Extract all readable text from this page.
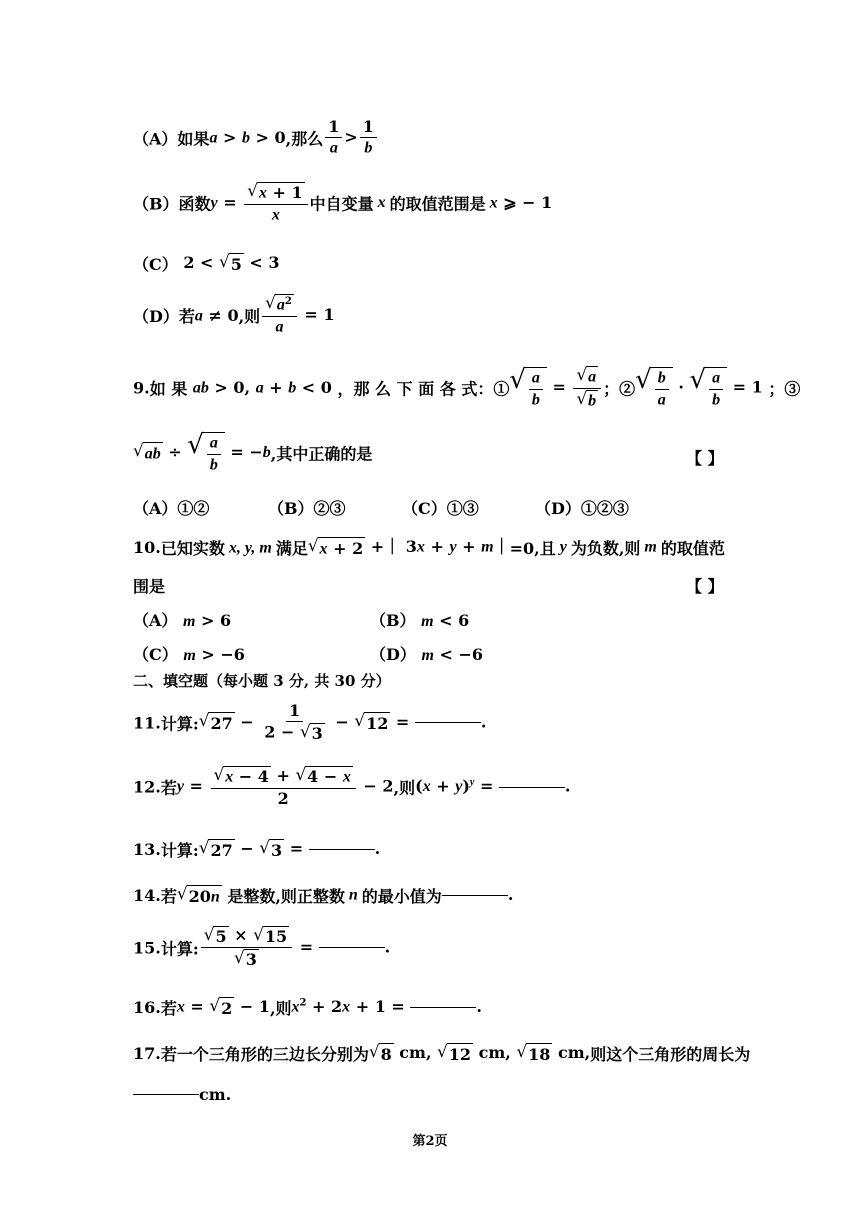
（A）如果a > b > 0,那么 $\frac{1}{a} > \frac{1}{b}$
（B）函数$y = \frac{√ x + 1}{x}$ 中自变量 x 的取值范围是 x ⩾ − 1
（C） 2 < √ 5 < 3
（D）若a ≠ 0,则 $\frac{√ a^2}{a} = 1$
9.如 果 ab > 0, a + b < 0 ，那 么 下 面 各 式：① √ $\frac{a}{b} = \frac{√ a}{√ b}$ ；② √ $\frac{b}{a}$ · √ $\frac{a}{b} = 1$ ；③
√ ab ÷ √ $\frac{a}{b} = -b$,其中正确的是	【 】
（A）①②	（B）②③	（C）①③	（D）①②③
10.已知实数 x, y, m 满足 √ x + 2 +｜ 3x + y + m｜=0,且 y 为负数,则 m 的取值范
围是	【 】
（A） m > 6	（B） m < 6
（C） m > −6	（D） m < −6
二、填空题（每小题 3 分, 共 30 分）
11.计算: √ $27 - \frac{1}{2 - √ 3}$ − √ 12 =	.
12.若$y = \frac{√ x - 4 + √ 4 - x}{2} - 2$,则$(x + y)^y$ =	.
13.计算: √ 27 − √ 3 =	.
14.若 √ 20n 是整数,则正整数 n 的最小值为	.
15.计算: $\frac{√ 5 \times √ 15}{√ 3}$ =	.
16.若x = √ 2 − 1,则$x^2 + 2x + 1$ =	.
17.若一个三角形的三边长分别为 √ 8 cm, √ 12 cm, √ 18 cm,则这个三角形的周长为
cm.
第2页
